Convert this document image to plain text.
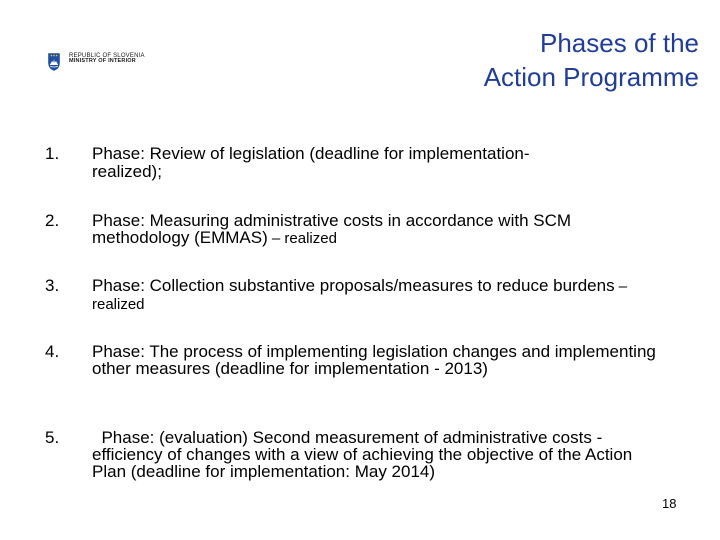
REPUBLIC OF SLOVENIA
MINISTRY OF INTERIOR
Phases of the
Action Programme
1. Phase: Review of legislation (deadline for implementation-
realized);
2. Phase: Measuring administrative costs in accordance with SCM methodology (EMMAS) – realized
3. Phase: Collection substantive proposals/measures to reduce burdens – realized
4. Phase: The process of implementing legislation changes and implementing other measures (deadline for implementation - 2013)
5. Phase: (evaluation) Second measurement of administrative costs -  efficiency of changes with a view of achieving the objective of the Action Plan (deadline for implementation: May 2014)
18
